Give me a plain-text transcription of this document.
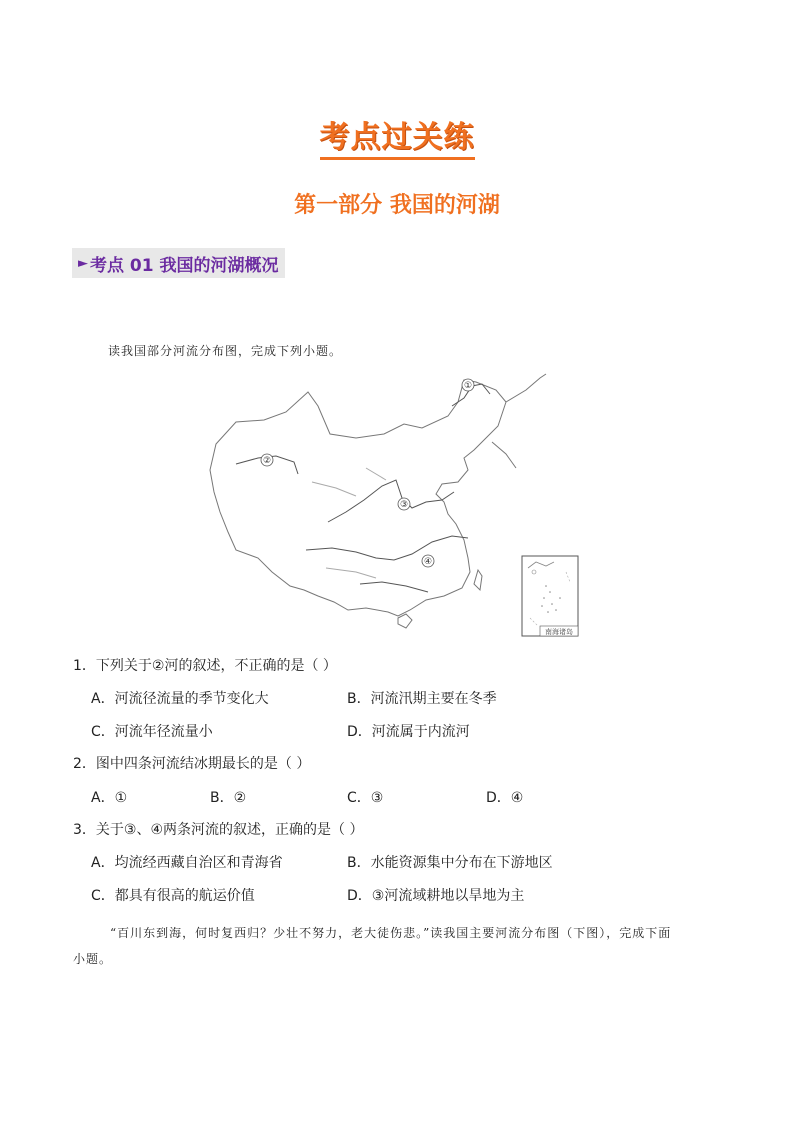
考点过关练
第一部分 我国的河湖
► 考点 01 我国的河湖概况
读我国部分河流分布图，完成下列小题。
①
②
③
④
南海诸岛
1．下列关于②河的叙述，不正确的是（ ）
A．河流径流量的季节变化大	B．河流汛期主要在冬季
C．河流年径流量小	D．河流属于内流河
2．图中四条河流结冰期最长的是（ ）
A．①	B．②	C．③	D．④
3．关于③、④两条河流的叙述，正确的是（ ）
A．均流经西藏自治区和青海省	B．水能资源集中分布在下游地区
C．都具有很高的航运价值	D．③河流域耕地以旱地为主
“百川东到海，何时复西归？少壮不努力，老大徒伤悲。”读我国主要河流分布图（下图），完成下面
小题。
